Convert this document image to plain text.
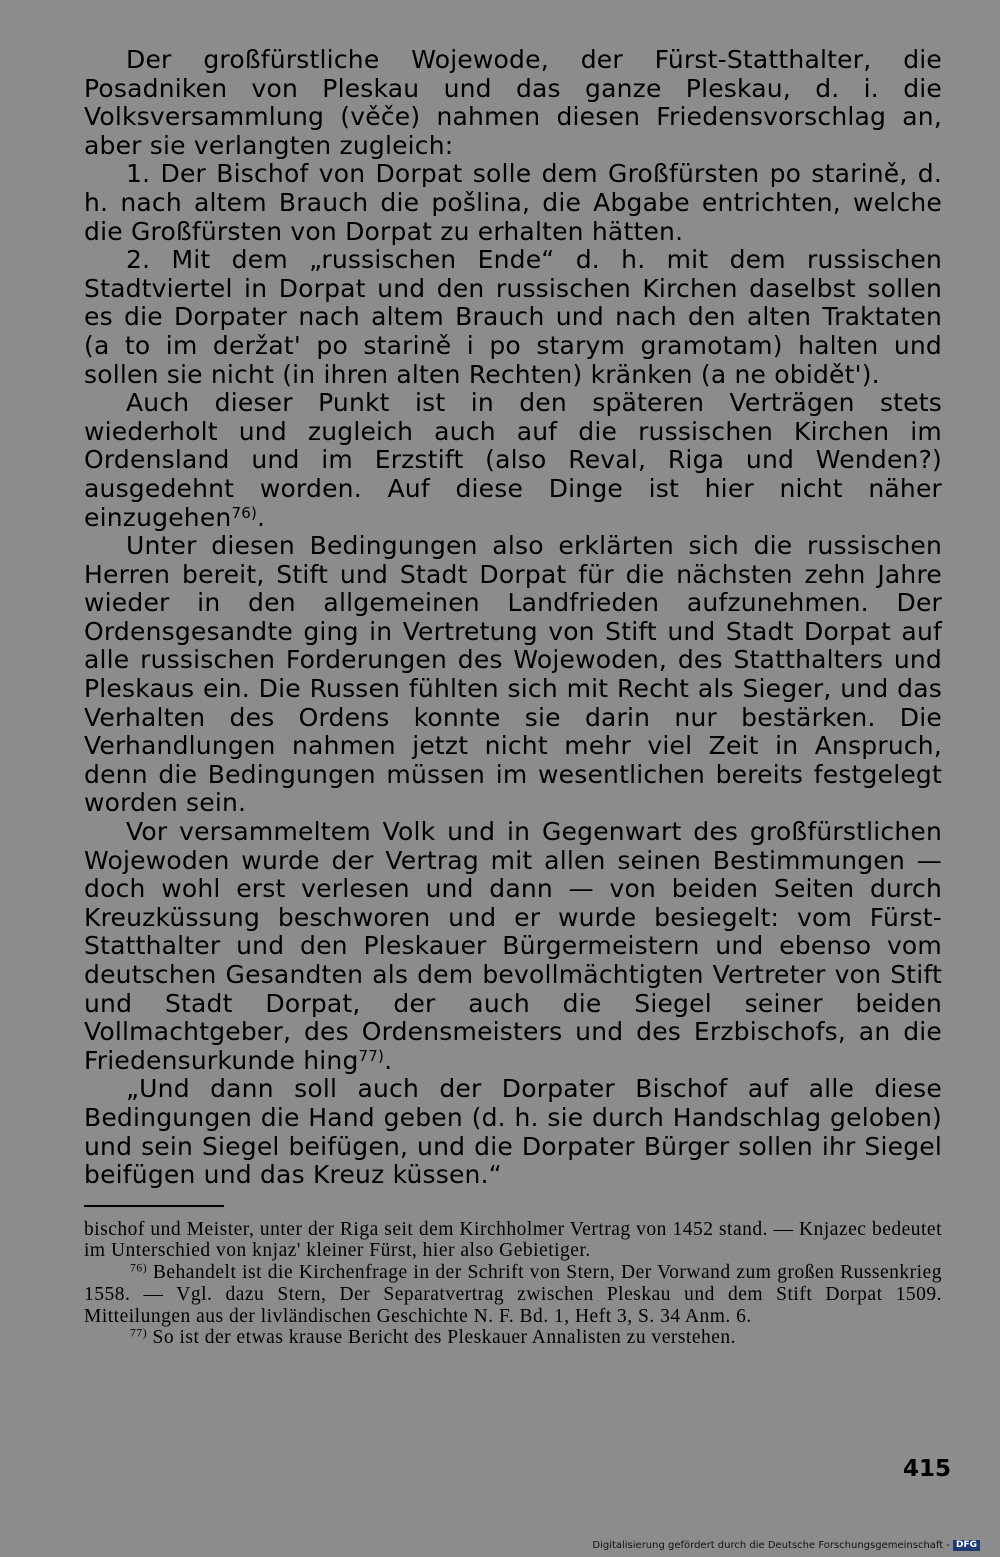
Der großfürstliche Wojewode, der Fürst-Statthalter, die Posadniken von Pleskau und das ganze Pleskau, d. i. die Volksversammlung (věče) nahmen diesen Friedensvorschlag an, aber sie verlangten zugleich:

1. Der Bischof von Dorpat solle dem Großfürsten po starině, d. h. nach altem Brauch die pošlina, die Abgabe entrichten, welche die Großfürsten von Dorpat zu erhalten hätten.

2. Mit dem „russischen Ende“ d. h. mit dem russischen Stadtviertel in Dorpat und den russischen Kirchen daselbst sollen es die Dorpater nach altem Brauch und nach den alten Traktaten (a to im deržat' po starině i po starym gramotam) halten und sollen sie nicht (in ihren alten Rechten) kränken (a ne obidět').

Auch dieser Punkt ist in den späteren Verträgen stets wiederholt und zugleich auch auf die russischen Kirchen im Ordensland und im Erzstift (also Reval, Riga und Wenden?) ausgedehnt worden. Auf diese Dinge ist hier nicht näher einzugehen$^{76)}$.

Unter diesen Bedingungen also erklärten sich die russischen Herren bereit, Stift und Stadt Dorpat für die nächsten zehn Jahre wieder in den allgemeinen Landfrieden aufzunehmen. Der Ordensgesandte ging in Vertretung von Stift und Stadt Dorpat auf alle russischen Forderungen des Wojewoden, des Statthalters und Pleskaus ein. Die Russen fühlten sich mit Recht als Sieger, und das Verhalten des Ordens konnte sie darin nur bestärken. Die Verhandlungen nahmen jetzt nicht mehr viel Zeit in Anspruch, denn die Bedingungen müssen im wesentlichen bereits festgelegt worden sein.

Vor versammeltem Volk und in Gegenwart des großfürstlichen Wojewoden wurde der Vertrag mit allen seinen Bestimmungen — doch wohl erst verlesen und dann — von beiden Seiten durch Kreuzküssung beschworen und er wurde besiegelt: vom Fürst-Statthalter und den Pleskauer Bürgermeistern und ebenso vom deutschen Gesandten als dem bevollmächtigten Vertreter von Stift und Stadt Dorpat, der auch die Siegel seiner beiden Vollmachtgeber, des Ordensmeisters und des Erzbischofs, an die Friedensurkunde hing$^{77)}$.

„Und dann soll auch der Dorpater Bischof auf alle diese Bedingungen die Hand geben (d. h. sie durch Handschlag geloben) und sein Siegel beifügen, und die Dorpater Bürger sollen ihr Siegel beifügen und das Kreuz küssen.“

bischof und Meister, unter der Riga seit dem Kirchholmer Vertrag von 1452 stand. — Knjazec bedeutet im Unterschied von knjaz' kleiner Fürst, hier also Gebietiger.

$^{76)}$ Behandelt ist die Kirchenfrage in der Schrift von Stern, Der Vorwand zum großen Russenkrieg 1558. — Vgl. dazu Stern, Der Separatvertrag zwischen Pleskau und dem Stift Dorpat 1509. Mitteilungen aus der livländischen Geschichte N. F. Bd. 1, Heft 3, S. 34 Anm. 6.

$^{77)}$ So ist der etwas krause Bericht des Pleskauer Annalisten zu verstehen.

415
Digitalisierung gefördert durch die Deutsche Forschungsgemeinschaft - DFG
